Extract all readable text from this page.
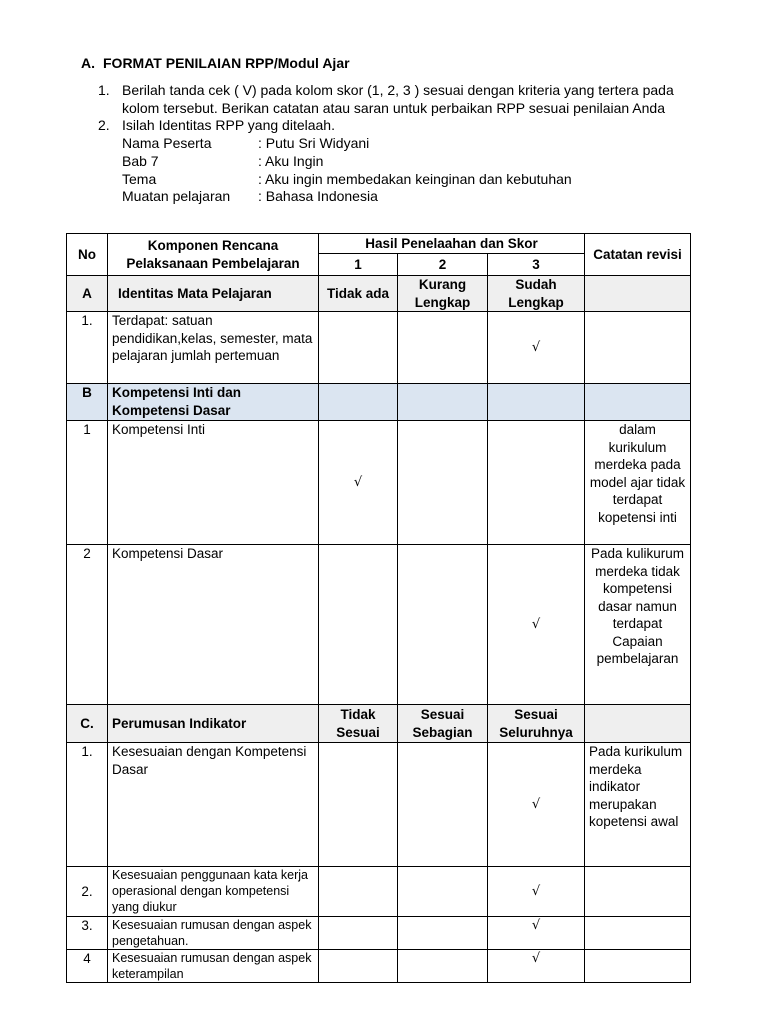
A. FORMAT PENILAIAN RPP/Modul Ajar
1. Berilah tanda cek ( V) pada kolom skor (1, 2, 3 ) sesuai dengan kriteria yang tertera pada kolom tersebut. Berikan catatan atau saran untuk perbaikan RPP sesuai penilaian Anda
2. Isilah Identitas RPP yang ditelaah.
Nama Peserta	: Putu Sri Widyani
Bab 7	: Aku Ingin
Tema	: Aku ingin membedakan keinginan dan kebutuhan
Muatan pelajaran	: Bahasa Indonesia
No	Komponen Rencana Pelaksanaan Pembelajaran	Hasil Penelaahan dan Skor			Catatan revisi
		1	2	3	
A	Identitas Mata Pelajaran	Tidak ada	Kurang Lengkap	Sudah Lengkap	
1.	Terdapat: satuan pendidikan,kelas, semester, mata pelajaran jumlah pertemuan			√	
B	Kompetensi Inti dan Kompetensi Dasar				
1	Kompetensi Inti	√			dalam kurikulum merdeka pada model ajar tidak terdapat kopetensi inti
2	Kompetensi Dasar			√	Pada kulikurum merdeka tidak kompetensi dasar namun terdapat Capaian pembelajaran
C.	Perumusan Indikator	Tidak Sesuai	Sesuai Sebagian	Sesuai Seluruhnya	
1.	Kesesuaian dengan Kompetensi Dasar			√	Pada kurikulum merdeka indikator merupakan kopetensi awal
2.	Kesesuaian penggunaan kata kerja operasional dengan kompetensi yang diukur			√	
3.	Kesesuaian rumusan dengan aspek pengetahuan.			√	
4	Kesesuaian rumusan dengan aspek keterampilan			√	
